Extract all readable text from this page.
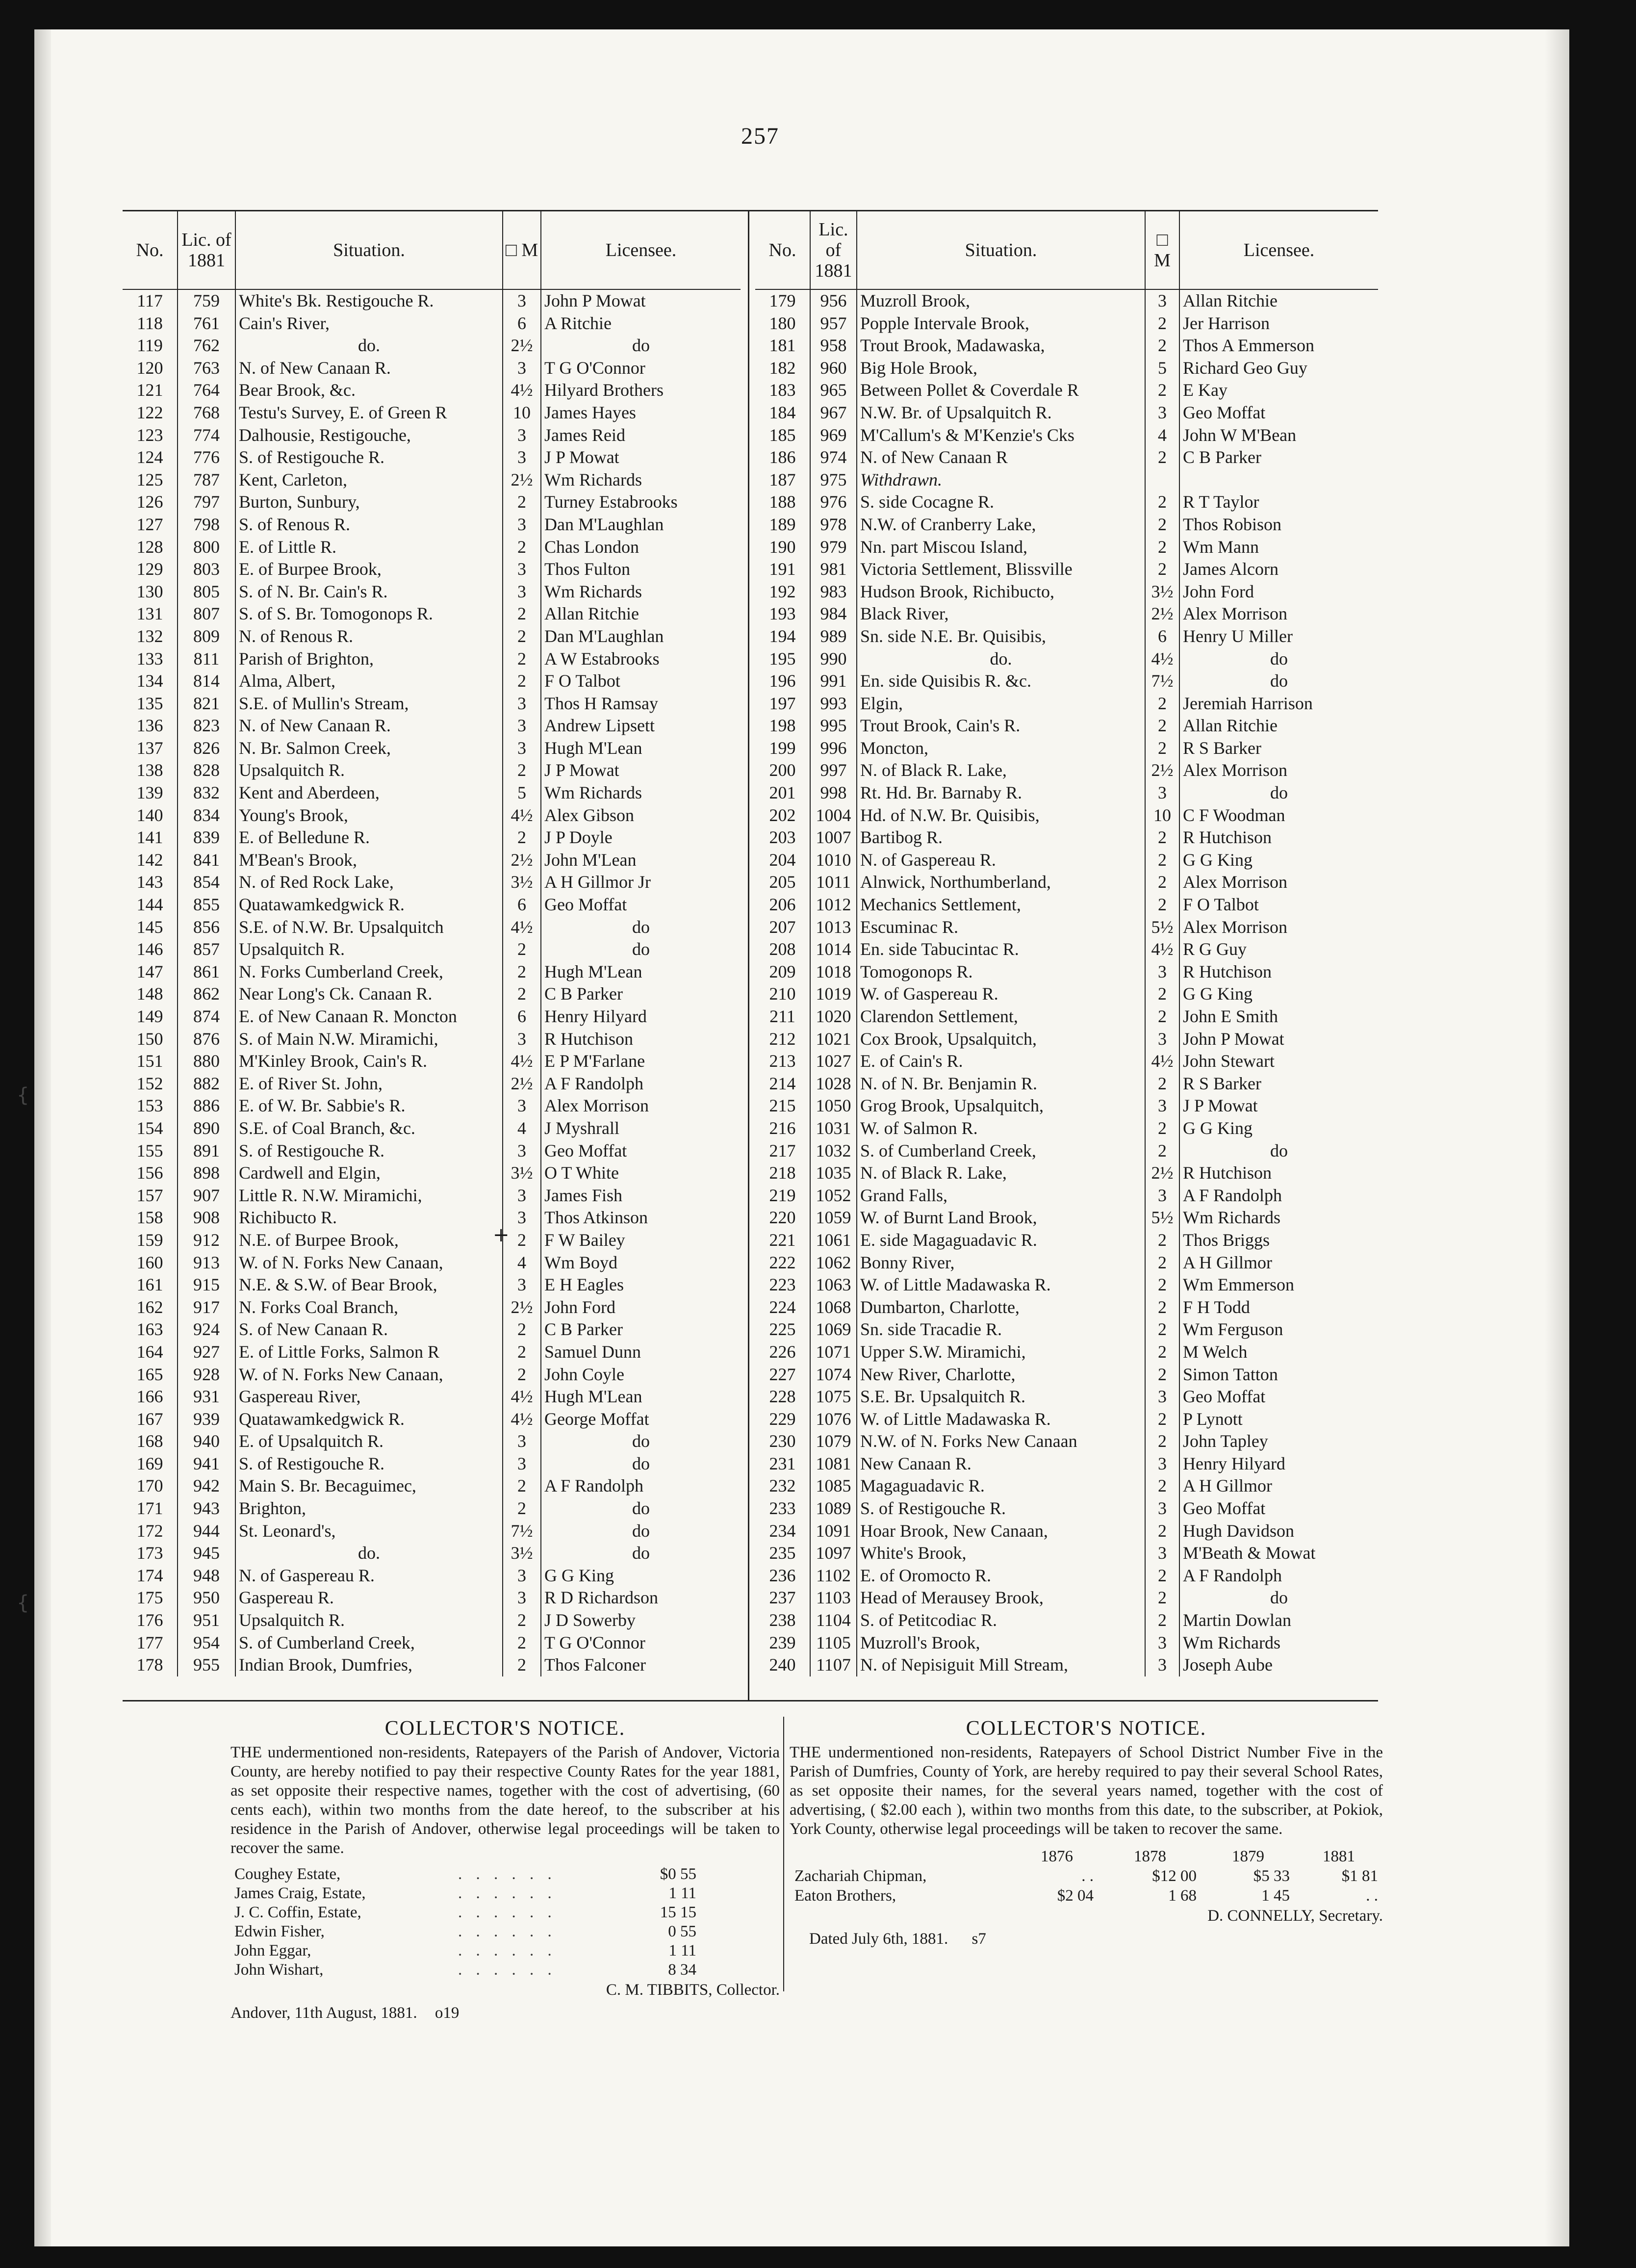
257
No.	Lic. of 1881	Situation.	□ M	Licensee.
117	759	White's Bk. Restigouche R.	3	John P Mowat
118	761	Cain's River,	6	A Ritchie
119	762	do.	2½	do
120	763	N. of New Canaan R.	3	T G O'Connor
121	764	Bear Brook, &c.	4½	Hilyard Brothers
122	768	Testu's Survey, E. of Green R	10	James Hayes
123	774	Dalhousie, Restigouche,	3	James Reid
124	776	S. of Restigouche R.	3	J P Mowat
125	787	Kent, Carleton,	2½	Wm Richards
126	797	Burton, Sunbury,	2	Turney Estabrooks
127	798	S. of Renous R.	3	Dan M'Laughlan
128	800	E. of Little R.	2	Chas London
129	803	E. of Burpee Brook,	3	Thos Fulton
130	805	S. of N. Br. Cain's R.	3	Wm Richards
131	807	S. of S. Br. Tomogonops R.	2	Allan Ritchie
132	809	N. of Renous R.	2	Dan M'Laughlan
133	811	Parish of Brighton,	2	A W Estabrooks
134	814	Alma, Albert,	2	F O Talbot
135	821	S.E. of Mullin's Stream,	3	Thos H Ramsay
136	823	N. of New Canaan R.	3	Andrew Lipsett
137	826	N. Br. Salmon Creek,	3	Hugh M'Lean
138	828	Upsalquitch R.	2	J P Mowat
139	832	Kent and Aberdeen,	5	Wm Richards
140	834	Young's Brook,	4½	Alex Gibson
141	839	E. of Belledune R.	2	J P Doyle
142	841	M'Bean's Brook,	2½	John M'Lean
143	854	N. of Red Rock Lake,	3½	A H Gillmor Jr
144	855	Quatawamkedgwick R.	6	Geo Moffat
145	856	S.E. of N.W. Br. Upsalquitch	4½	do
146	857	Upsalquitch R.	2	do
147	861	N. Forks Cumberland Creek,	2	Hugh M'Lean
148	862	Near Long's Ck. Canaan R.	2	C B Parker
149	874	E. of New Canaan R. Moncton	6	Henry Hilyard
150	876	S. of Main N.W. Miramichi,	3	R Hutchison
151	880	M'Kinley Brook, Cain's R.	4½	E P M'Farlane
152	882	E. of River St. John,	2½	A F Randolph
153	886	E. of W. Br. Sabbie's R.	3	Alex Morrison
154	890	S.E. of Coal Branch, &c.	4	J Myshrall
155	891	S. of Restigouche R.	3	Geo Moffat
156	898	Cardwell and Elgin,	3½	O T White
157	907	Little R. N.W. Miramichi,	3	James Fish
158	908	Richibucto R.	3	Thos Atkinson
159	912	N.E. of Burpee Brook,	2	F W Bailey
160	913	W. of N. Forks New Canaan,	4	Wm Boyd
161	915	N.E. & S.W. of Bear Brook,	3	E H Eagles
162	917	N. Forks Coal Branch,	2½	John Ford
163	924	S. of New Canaan R.	2	C B Parker
164	927	E. of Little Forks, Salmon R	2	Samuel Dunn
165	928	W. of N. Forks New Canaan,	2	John Coyle
166	931	Gaspereau River,	4½	Hugh M'Lean
167	939	Quatawamkedgwick R.	4½	George Moffat
168	940	E. of Upsalquitch R.	3	do
169	941	S. of Restigouche R.	3	do
170	942	Main S. Br. Becaguimec,	2	A F Randolph
171	943	Brighton,	2	do
172	944	St. Leonard's,	7½	do
173	945	do.	3½	do
174	948	N. of Gaspereau R.	3	G G King
175	950	Gaspereau R.	3	R D Richardson
176	951	Upsalquitch R.	2	J D Sowerby
177	954	S. of Cumberland Creek,	2	T G O'Connor
178	955	Indian Brook, Dumfries,	2	Thos Falconer
No.	Lic. of 1881	Situation.	□ M	Licensee.
179	956	Muzroll Brook,	3	Allan Ritchie
180	957	Popple Intervale Brook,	2	Jer Harrison
181	958	Trout Brook, Madawaska,	2	Thos A Emmerson
182	960	Big Hole Brook,	5	Richard Geo Guy
183	965	Between Pollet & Coverdale R	2	E Kay
184	967	N.W. Br. of Upsalquitch R.	3	Geo Moffat
185	969	M'Callum's & M'Kenzie's Cks	4	John W M'Bean
186	974	N. of New Canaan R	2	C B Parker
187	975	Withdrawn.		
188	976	S. side Cocagne R.	2	R T Taylor
189	978	N.W. of Cranberry Lake,	2	Thos Robison
190	979	Nn. part Miscou Island,	2	Wm Mann
191	981	Victoria Settlement, Blissville	2	James Alcorn
192	983	Hudson Brook, Richibucto,	3½	John Ford
193	984	Black River,	2½	Alex Morrison
194	989	Sn. side N.E. Br. Quisibis,	6	Henry U Miller
195	990	do.	4½	do
196	991	En. side Quisibis R. &c.	7½	do
197	993	Elgin,	2	Jeremiah Harrison
198	995	Trout Brook, Cain's R.	2	Allan Ritchie
199	996	Moncton,	2	R S Barker
200	997	N. of Black R. Lake,	2½	Alex Morrison
201	998	Rt. Hd. Br. Barnaby R.	3	do
202	1004	Hd. of N.W. Br. Quisibis,	10	C F Woodman
203	1007	Bartibog R.	2	R Hutchison
204	1010	N. of Gaspereau R.	2	G G King
205	1011	Alnwick, Northumberland,	2	Alex Morrison
206	1012	Mechanics Settlement,	2	F O Talbot
207	1013	Escuminac R.	5½	Alex Morrison
208	1014	En. side Tabucintac R.	4½	R G Guy
209	1018	Tomogonops R.	3	R Hutchison
210	1019	W. of Gaspereau R.	2	G G King
211	1020	Clarendon Settlement,	2	John E Smith
212	1021	Cox Brook, Upsalquitch,	3	John P Mowat
213	1027	E. of Cain's R.	4½	John Stewart
214	1028	N. of N. Br. Benjamin R.	2	R S Barker
215	1050	Grog Brook, Upsalquitch,	3	J P Mowat
216	1031	W. of Salmon R.	2	G G King
217	1032	S. of Cumberland Creek,	2	do
218	1035	N. of Black R. Lake,	2½	R Hutchison
219	1052	Grand Falls,	3	A F Randolph
220	1059	W. of Burnt Land Brook,	5½	Wm Richards
221	1061	E. side Magaguadavic R.	2	Thos Briggs
222	1062	Bonny River,	2	A H Gillmor
223	1063	W. of Little Madawaska R.	2	Wm Emmerson
224	1068	Dumbarton, Charlotte,	2	F H Todd
225	1069	Sn. side Tracadie R.	2	Wm Ferguson
226	1071	Upper S.W. Miramichi,	2	M Welch
227	1074	New River, Charlotte,	2	Simon Tatton
228	1075	S.E. Br. Upsalquitch R.	3	Geo Moffat
229	1076	W. of Little Madawaska R.	2	P Lynott
230	1079	N.W. of N. Forks New Canaan	2	John Tapley
231	1081	New Canaan R.	3	Henry Hilyard
232	1085	Magaguadavic R.	2	A H Gillmor
233	1089	S. of Restigouche R.	3	Geo Moffat
234	1091	Hoar Brook, New Canaan,	2	Hugh Davidson
235	1097	White's Brook,	3	M'Beath & Mowat
236	1102	E. of Oromocto R.	2	A F Randolph
237	1103	Head of Merausey Brook,	2	do
238	1104	S. of Petitcodiac R.	2	Martin Dowlan
239	1105	Muzroll's Brook,	3	Wm Richards
240	1107	N. of Nepisiguit Mill Stream,	3	Joseph Aube
+
{
{
COLLECTOR'S NOTICE.

THE undermentioned non-residents, Ratepayers of the Parish of Andover, Victoria County, are hereby notified to pay their respective County Rates for the year 1881, as set opposite their respective names, together with the cost of advertising, (60 cents each), within two months from the date hereof, to the subscriber at his residence in the Parish of Andover, otherwise legal proceedings will be taken to recover the same.

Coughey Estate,	. . . . . .	$0 55
James Craig, Estate,	. . . . . .	1 11
J. C. Coffin, Estate,	. . . . . .	15 15
Edwin Fisher,	. . . . . .	0 55
John Eggar,	. . . . . .	1 11
John Wishart,	. . . . . .	8 34
C. M. TIBBITS, Collector.
Andover, 11th August, 1881. o19
COLLECTOR'S NOTICE.

THE undermentioned non-residents, Ratepayers of School District Number Five in the Parish of Dumfries, County of York, are hereby required to pay their several School Rates, as set opposite their names, for the several years named, together with the cost of advertising, ( $2.00 each ), within two months from this date, to the subscriber, at Pokiok, York County, otherwise legal proceedings will be taken to recover the same.

	1876	1878	1879	1881
Zachariah Chipman,	. .	$12 00	$5 33	$1 81
Eaton Brothers,	$2 04	1 68	1 45	. .
D. CONNELLY, Secretary.
Dated July 6th, 1881. s7
